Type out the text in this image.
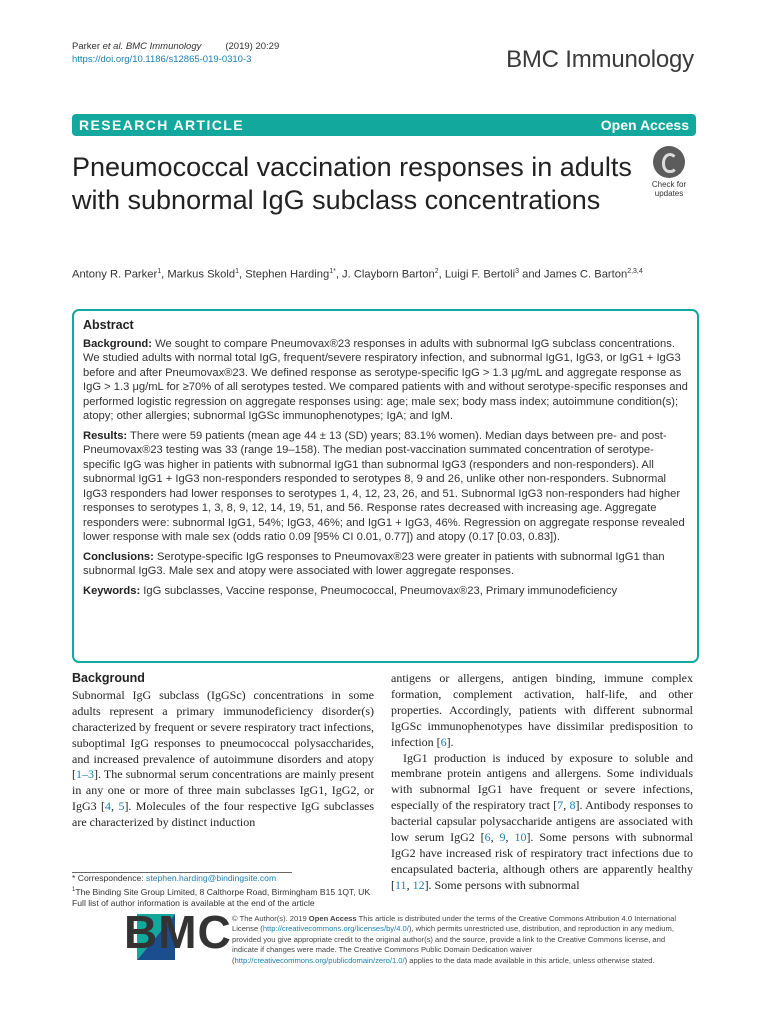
Parker et al. BMC Immunology	(2019) 20:29
https://doi.org/10.1186/s12865-019-0310-3	BMC Immunology
RESEARCH ARTICLE	Open Access
Pneumococcal vaccination responses in adults with subnormal IgG subclass concentrations
Check for
updates
Antony R. Parker$^1$, Markus Skold$^1$, Stephen Harding$^{1*}$, J. Clayborn Barton$^2$, Luigi F. Bertoli$^3$ and James C. Barton$^{2,3,4}$
Abstract

Background: We sought to compare Pneumovax®23 responses in adults with subnormal IgG subclass concentrations. We studied adults with normal total IgG, frequent/severe respiratory infection, and subnormal IgG1, IgG3, or IgG1 + IgG3 before and after Pneumovax®23. We defined response as serotype-specific IgG > 1.3 μg/mL and aggregate response as IgG > 1.3 μg/mL for ≥70% of all serotypes tested. We compared patients with and without serotype-specific responses and performed logistic regression on aggregate responses using: age; male sex; body mass index; autoimmune condition(s); atopy; other allergies; subnormal IgGSc immunophenotypes; IgA; and IgM.

Results: There were 59 patients (mean age 44 ± 13 (SD) years; 83.1% women). Median days between pre- and post-Pneumovax®23 testing was 33 (range 19–158). The median post-vaccination summated concentration of serotype-specific IgG was higher in patients with subnormal IgG1 than subnormal IgG3 (responders and non-responders). All subnormal IgG1 + IgG3 non-responders responded to serotypes 8, 9 and 26, unlike other non-responders. Subnormal IgG3 responders had lower responses to serotypes 1, 4, 12, 23, 26, and 51. Subnormal IgG3 non-responders had higher responses to serotypes 1, 3, 8, 9, 12, 14, 19, 51, and 56. Response rates decreased with increasing age. Aggregate responders were: subnormal IgG1, 54%; IgG3, 46%; and IgG1 + IgG3, 46%. Regression on aggregate response revealed lower response with male sex (odds ratio 0.09 [95% CI 0.01, 0.77]) and atopy (0.17 [0.03, 0.83]).

Conclusions: Serotype-specific IgG responses to Pneumovax®23 were greater in patients with subnormal IgG1 than subnormal IgG3. Male sex and atopy were associated with lower aggregate responses.

Keywords: IgG subclasses, Vaccine response, Pneumococcal, Pneumovax®23, Primary immunodeficiency

Background

Subnormal IgG subclass (IgGSc) concentrations in some adults represent a primary immunodeficiency disorder(s) characterized by frequent or severe respiratory tract infections, suboptimal IgG responses to pneumococcal polysaccharides, and increased prevalence of autoimmune disorders and atopy [1–3]. The subnormal serum concentrations are mainly present in any one or more of three main subclasses IgG1, IgG2, or IgG3 [4, 5]. Molecules of the four respective IgG subclasses are characterized by distinct induction

antigens or allergens, antigen binding, immune complex formation, complement activation, half-life, and other properties. Accordingly, patients with different subnormal IgGSc immunophenotypes have dissimilar predisposition to infection [6].

IgG1 production is induced by exposure to soluble and membrane protein antigens and allergens. Some individuals with subnormal IgG1 have frequent or severe infections, especially of the respiratory tract [7, 8]. Antibody responses to bacterial capsular polysaccharide antigens are associated with low serum IgG2 [6, 9, 10]. Some persons with subnormal IgG2 have increased risk of respiratory tract infections due to encapsulated bacteria, although others are apparently healthy [11, 12]. Some persons with subnormal

* Correspondence: stephen.harding@bindingsite.com
$^1$The Binding Site Group Limited, 8 Calthorpe Road, Birmingham B15 1QT, UK
Full list of author information is available at the end of the article
BMC © The Author(s). 2019 Open Access This article is distributed under the terms of the Creative Commons Attribution 4.0 International License (http://creativecommons.org/licenses/by/4.0/), which permits unrestricted use, distribution, and reproduction in any medium, provided you give appropriate credit to the original author(s) and the source, provide a link to the Creative Commons license, and indicate if changes were made. The Creative Commons Public Domain Dedication waiver (http://creativecommons.org/publicdomain/zero/1.0/) applies to the data made available in this article, unless otherwise stated.
